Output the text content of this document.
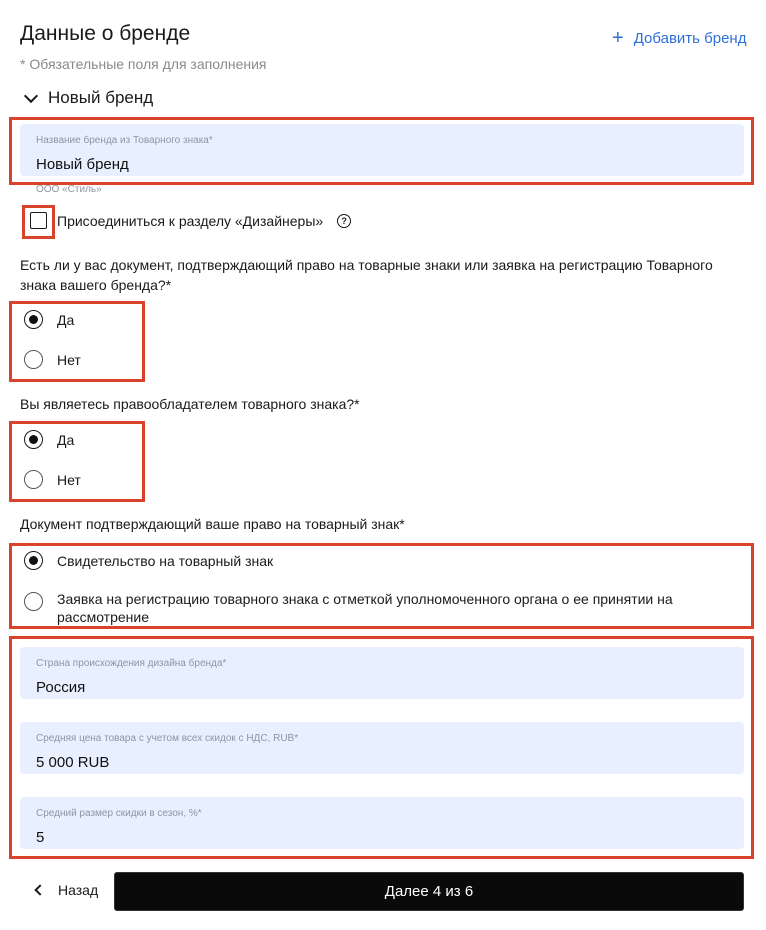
Данные о бренде	+ Добавить бренд
* Обязательные поля для заполнения
Новый бренд
Название бренда из Товарного знака*
Новый бренд
ООО «Стиль»
Присоединиться к разделу «Дизайнеры»	?
Есть ли у вас документ, подтверждающий право на товарные знаки или заявка на регистрацию Товарного знака вашего бренда?*
Да
Нет
Вы являетесь правообладателем товарного знака?*
Да
Нет
Документ подтверждающий ваше право на товарный знак*
Свидетельство на товарный знак
Заявка на регистрацию товарного знака с отметкой уполномоченного органа о ее принятии на рассмотрение
Страна происхождения дизайна бренда*
Россия
Средняя цена товара с учетом всех скидок с НДС, RUB*
5 000 RUB
Средний размер скидки в сезон, %*
5
Назад	Далее 4 из 6
